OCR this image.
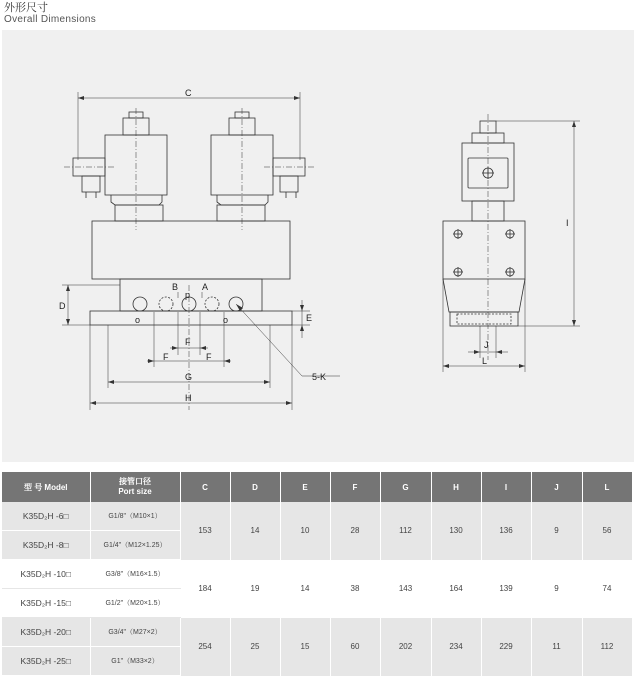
外形尺寸
Overall Dimensions
C
D
E
F
F	F
G
H
B	A
p
o	o
5-K
I
J
L
型 号 Model	接管口径
Port size	C	D	E	F	G	H	I	J	L
K35D₂H -6□	G1/8"（M10×1）	153	14	10	28	112	130	136	9	56
K35D₂H -8□	G1/4"（M12×1.25）									
K35D₂H -10□	G3/8"（M16×1.5）	184	19	14	38	143	164	139	9	74
K35D₂H -15□	G1/2"（M20×1.5）									
K35D₂H -20□	G3/4"（M27×2）	254	25	15	60	202	234	229	11	112
K35D₂H -25□	G1"（M33×2）									
